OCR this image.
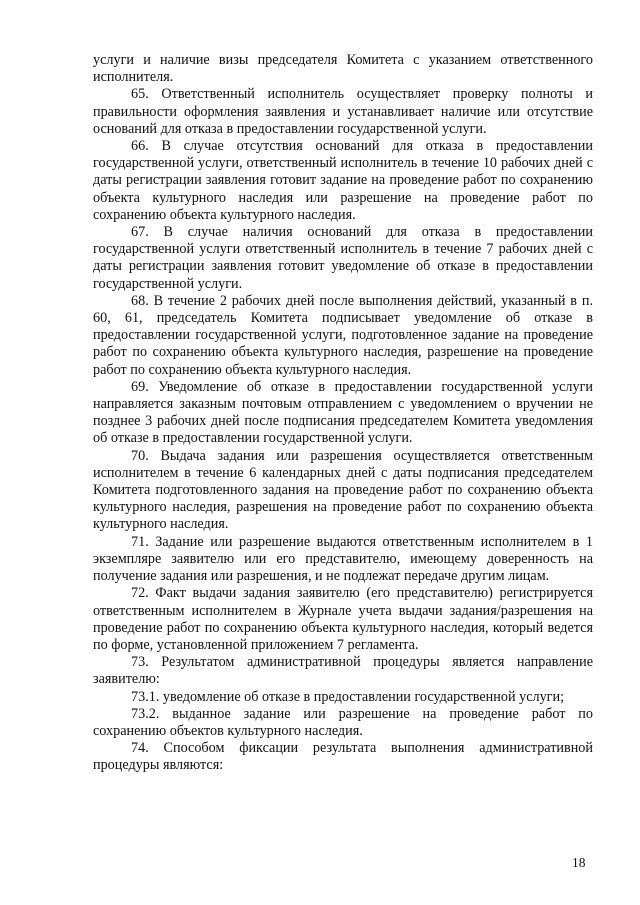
услуги и наличие визы председателя Комитета с указанием ответственного исполнителя.

65. Ответственный исполнитель осуществляет проверку полноты и правильности оформления заявления и устанавливает наличие или отсутствие оснований для отказа в предоставлении государственной услуги.

66. В случае отсутствия оснований для отказа в предоставлении государственной услуги, ответственный исполнитель в течение 10 рабочих дней с даты регистрации заявления готовит задание на проведение работ по сохранению объекта культурного наследия или разрешение на проведение работ по сохранению объекта культурного наследия.

67. В случае наличия оснований для отказа в предоставлении государственной услуги ответственный исполнитель в течение 7 рабочих дней с даты регистрации заявления готовит уведомление об отказе в предоставлении государственной услуги.

68. В течение 2 рабочих дней после выполнения действий, указанный в п. 60, 61, председатель Комитета подписывает уведомление об отказе в предоставлении государственной услуги, подготовленное задание на проведение работ по сохранению объекта культурного наследия, разрешение на проведение работ по сохранению объекта культурного наследия.

69. Уведомление об отказе в предоставлении государственной услуги направляется заказным почтовым отправлением с уведомлением о вручении не позднее 3 рабочих дней после подписания председателем Комитета уведомления об отказе в предоставлении государственной услуги.

70. Выдача задания или разрешения осуществляется ответственным исполнителем в течение 6 календарных дней с даты подписания председателем Комитета подготовленного задания на проведение работ по сохранению объекта культурного наследия, разрешения на проведение работ по сохранению объекта культурного наследия.

71. Задание или разрешение выдаются ответственным исполнителем в 1 экземпляре заявителю или его представителю, имеющему доверенность на получение задания или разрешения, и не подлежат передаче другим лицам.

72. Факт выдачи задания заявителю (его представителю) регистрируется ответственным исполнителем в Журнале учета выдачи задания/разрешения на проведение работ по сохранению объекта культурного наследия, который ведется по форме, установленной приложением 7 регламента.

73. Результатом административной процедуры является направление заявителю:

73.1. уведомление об отказе в предоставлении государственной услуги;

73.2. выданное задание или разрешение на проведение работ по сохранению объектов культурного наследия.

74. Способом фиксации результата выполнения административной процедуры являются:

18
